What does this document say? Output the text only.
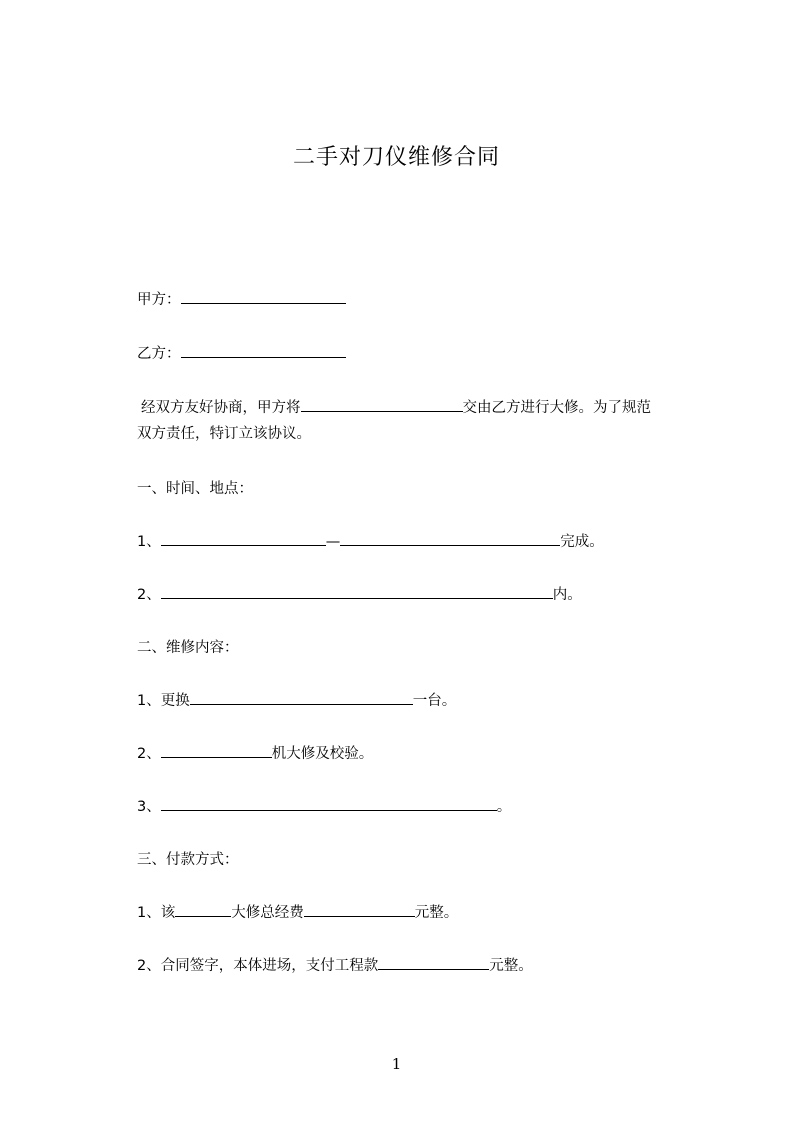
二手对刀仪维修合同
甲方：
乙方：
经双方友好协商，甲方将	交由乙方进行大修。为了规范
双方责任，特订立该协议。
一、时间、地点：
1、	—	完成。
2、	内。
二、维修内容：
1、更换	一台。
2、	机大修及校验。
3、	。
三、付款方式：
1、该	大修总经费	元整。
2、合同签字，本体进场，支付工程款	元整。
1
